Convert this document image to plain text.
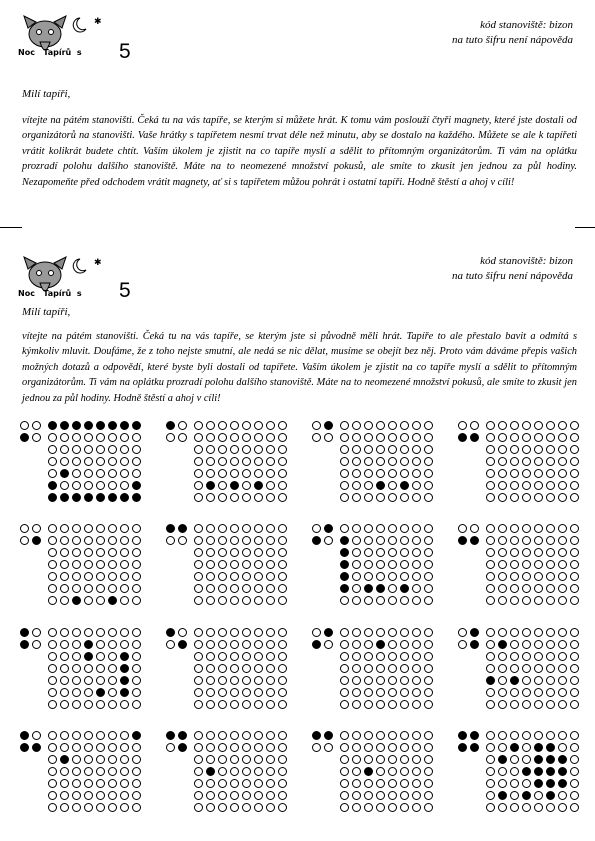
✱
Noc Tapírů s 5
kód stanoviště: bizon
na tuto šifru není nápověda
Milí tapíři,

vítejte na pátém stanovišti. Čeká tu na vás tapíře, se kterým si můžete hrát. K tomu vám poslouží čtyři magnety, které jste dostali od organizátorů na stanovišti. Vaše hrátky s tapířetem nesmí trvat déle než minutu, aby se dostalo na každého. Můžete se ale k tapířeti vrátit kolikrát budete chtít. Vaším úkolem je zjistit na co tapíře myslí a sdělit to přítomným organizátorům. Ti vám na oplátku prozradí polohu dalšího stanoviště. Máte na to neomezené množství pokusů, ale smíte to zkusit jen jednou za půl hodiny. Nezapomeňte před odchodem vrátit magnety, ať si s tapířetem můžou pohrát i ostatní tapíři. Hodně štěstí a ahoj v cíli!

✱
Noc Tapírů s 5
kód stanoviště: bizon
na tuto šifru není nápověda
Milí tapíři,

vítejte na pátém stanovišti. Čeká tu na vás tapíře, se kterým jste si původně měli hrát. Tapíře to ale přestalo bavit a odmítá s kýmkoliv mluvit. Doufáme, že z toho nejste smutní, ale nedá se nic dělat, musíme se obejít bez něj. Proto vám dáváme přepis vašich možných dotazů a odpovědí, které byste byli dostali od tapířete. Vaším úkolem je zjistit na co tapíře myslí a sdělit to přítomným organizátorům. Ti vám na oplátku prozradí polohu dalšího stanoviště. Máte na to neomezené množství pokusů, ale smíte to zkusit jen jednou za půl hodiny. Hodně štěstí a ahoj v cíli!
